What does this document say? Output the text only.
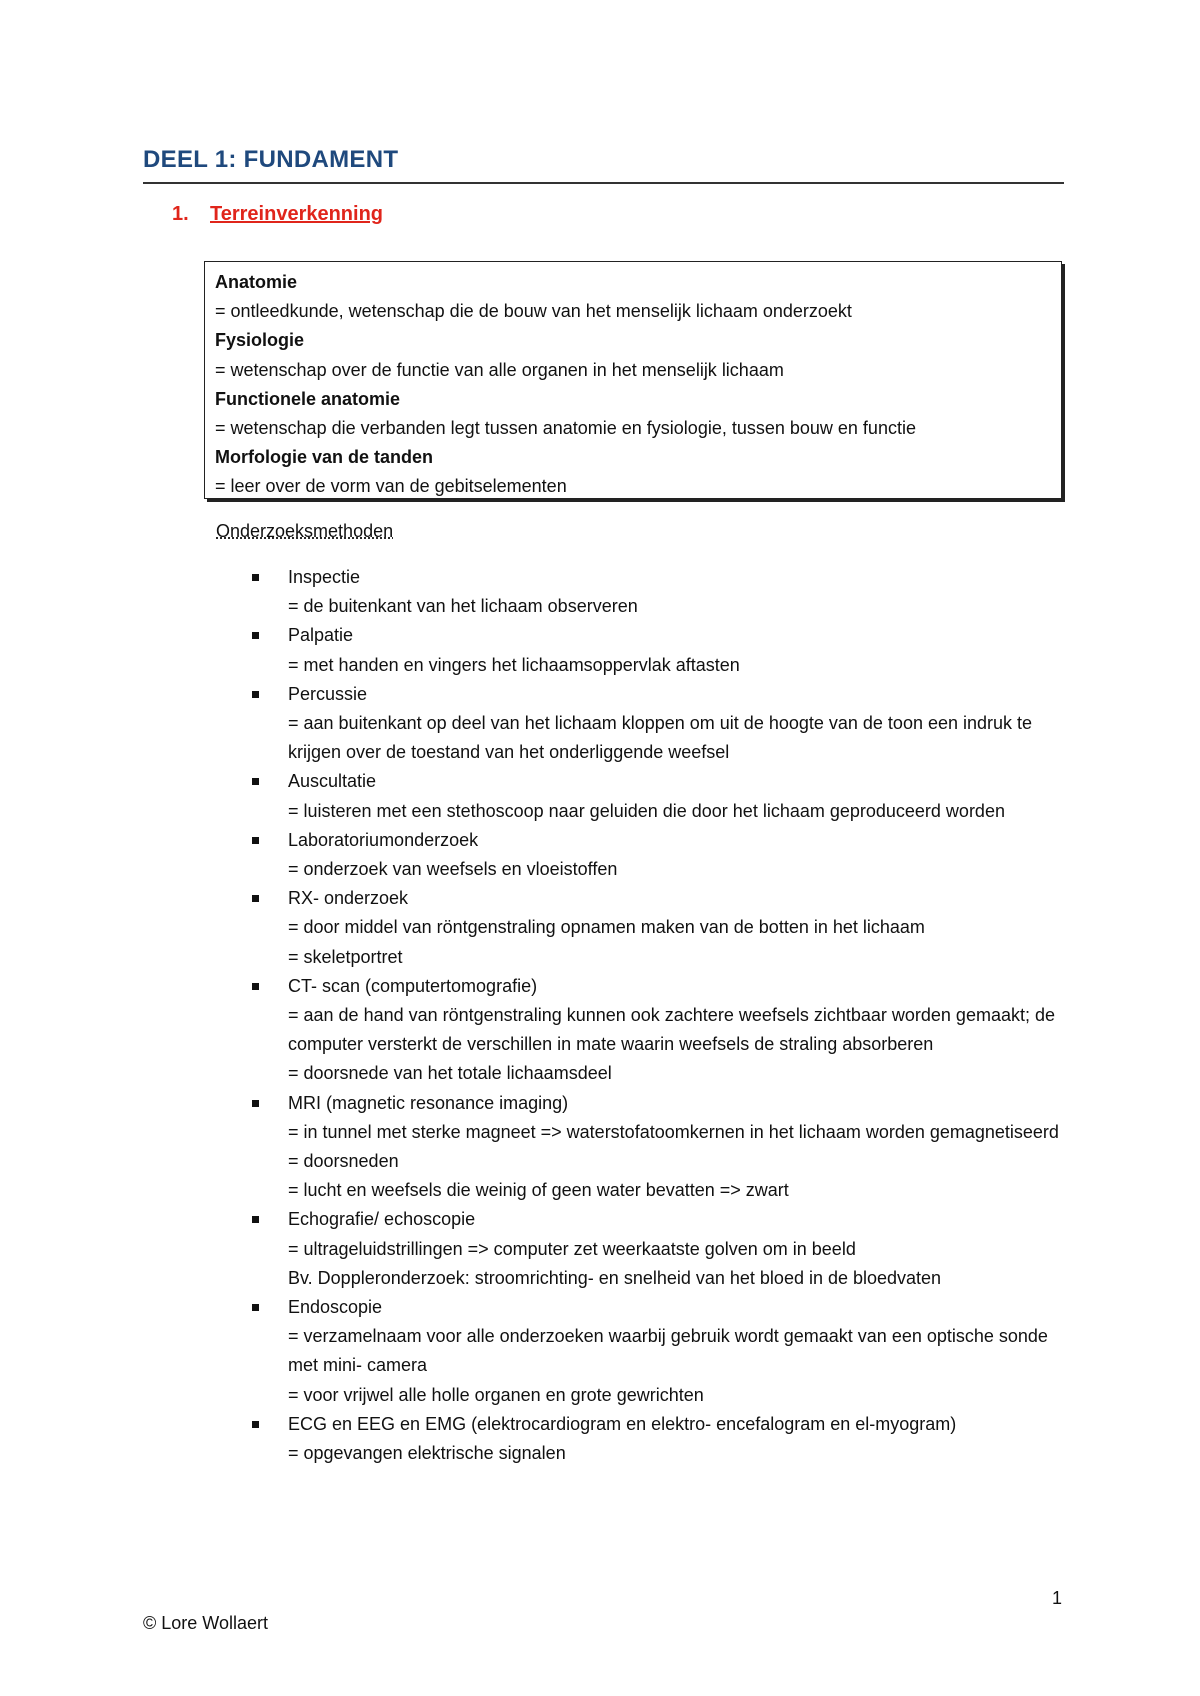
DEEL 1: FUNDAMENT
1. Terreinverkenning
Anatomie
= ontleedkunde, wetenschap die de bouw van het menselijk lichaam onderzoekt
Fysiologie
= wetenschap over de functie van alle organen in het menselijk lichaam
Functionele anatomie
= wetenschap die verbanden legt tussen anatomie en fysiologie, tussen bouw en functie
Morfologie van de tanden
= leer over de vorm van de gebitselementen
Onderzoeksmethoden
Inspectie
= de buitenkant van het lichaam observeren
Palpatie
= met handen en vingers het lichaamsoppervlak aftasten
Percussie
= aan buitenkant op deel van het lichaam kloppen om uit de hoogte van de toon een indruk te krijgen over de toestand van het onderliggende weefsel
Auscultatie
= luisteren met een stethoscoop naar geluiden die door het lichaam geproduceerd worden
Laboratoriumonderzoek
= onderzoek van weefsels en vloeistoffen
RX- onderzoek
= door middel van röntgenstraling opnamen maken van de botten in het lichaam
= skeletportret
CT- scan (computertomografie)
= aan de hand van röntgenstraling kunnen ook zachtere weefsels zichtbaar worden gemaakt; de computer versterkt de verschillen in mate waarin weefsels de straling absorberen
= doorsnede van het totale lichaamsdeel
MRI (magnetic resonance imaging)
= in tunnel met sterke magneet => waterstofatoomkernen in het lichaam worden gemagnetiseerd
= doorsneden
= lucht en weefsels die weinig of geen water bevatten => zwart
Echografie/ echoscopie
= ultrageluidstrillingen => computer zet weerkaatste golven om in beeld
Bv. Doppleronderzoek: stroomrichting- en snelheid van het bloed in de bloedvaten
Endoscopie
= verzamelnaam voor alle onderzoeken waarbij gebruik wordt gemaakt van een optische sonde met mini- camera
= voor vrijwel alle holle organen en grote gewrichten
ECG en EEG en EMG (elektrocardiogram en elektro- encefalogram en el-myogram)
= opgevangen elektrische signalen
1
© Lore Wollaert
